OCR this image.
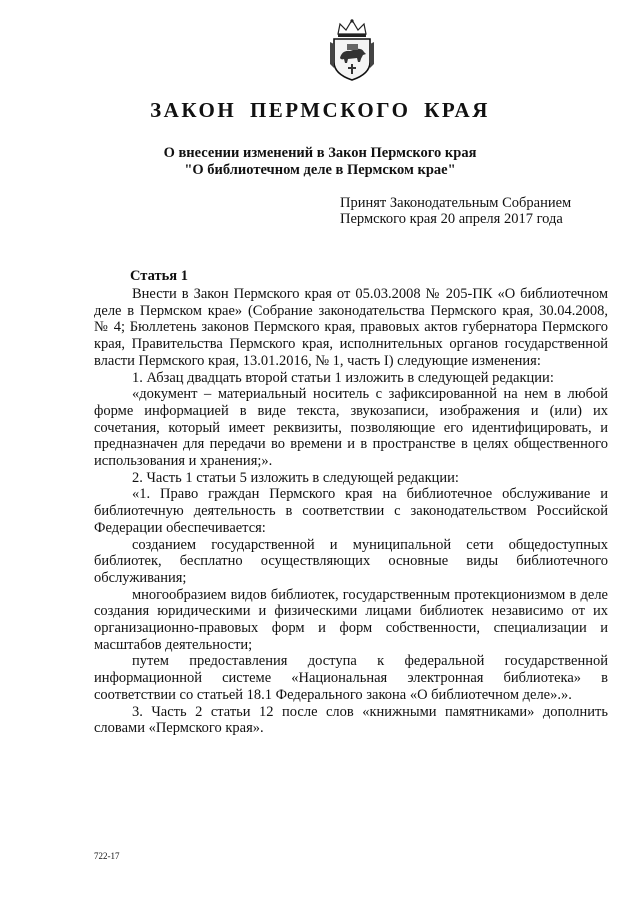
ЗАКОН ПЕРМСКОГО КРАЯ
О внесении изменений в Закон Пермского края
"О библиотечном деле в Пермском крае"
Принят Законодательным Собранием
Пермского края 20 апреля 2017 года
Статья 1

Внести в Закон Пермского края от 05.03.2008 № 205-ПК «О библиотечном деле в Пермском крае» (Собрание законодательства Пермского края, 30.04.2008, № 4; Бюллетень законов Пермского края, правовых актов губернатора Пермского края, Правительства Пермского края, исполнительных органов государственной власти Пермского края, 13.01.2016, № 1, часть I) следующие изменения:

1. Абзац двадцать второй статьи 1 изложить в следующей редакции:

«документ – материальный носитель с зафиксированной на нем в любой форме информацией в виде текста, звукозаписи, изображения и (или) их сочетания, который имеет реквизиты, позволяющие его идентифицировать, и предназначен для передачи во времени и в пространстве в целях общественного использования и хранения;».

2. Часть 1 статьи 5 изложить в следующей редакции:

«1. Право граждан Пермского края на библиотечное обслуживание и библиотечную деятельность в соответствии с законодательством Российской Федерации обеспечивается:

созданием государственной и муниципальной сети общедоступных библиотек, бесплатно осуществляющих основные виды библиотечного обслуживания;

многообразием видов библиотек, государственным протекционизмом в деле создания юридическими и физическими лицами библиотек независимо от их организационно-правовых форм и форм собственности, специализации и масштабов деятельности;

путем предоставления доступа к федеральной государственной информационной системе «Национальная электронная библиотека» в соответствии со статьей 18.1 Федерального закона «О библиотечном деле».».

3. Часть 2 статьи 12 после слов «книжными памятниками» дополнить словами «Пермского края».

722-17
